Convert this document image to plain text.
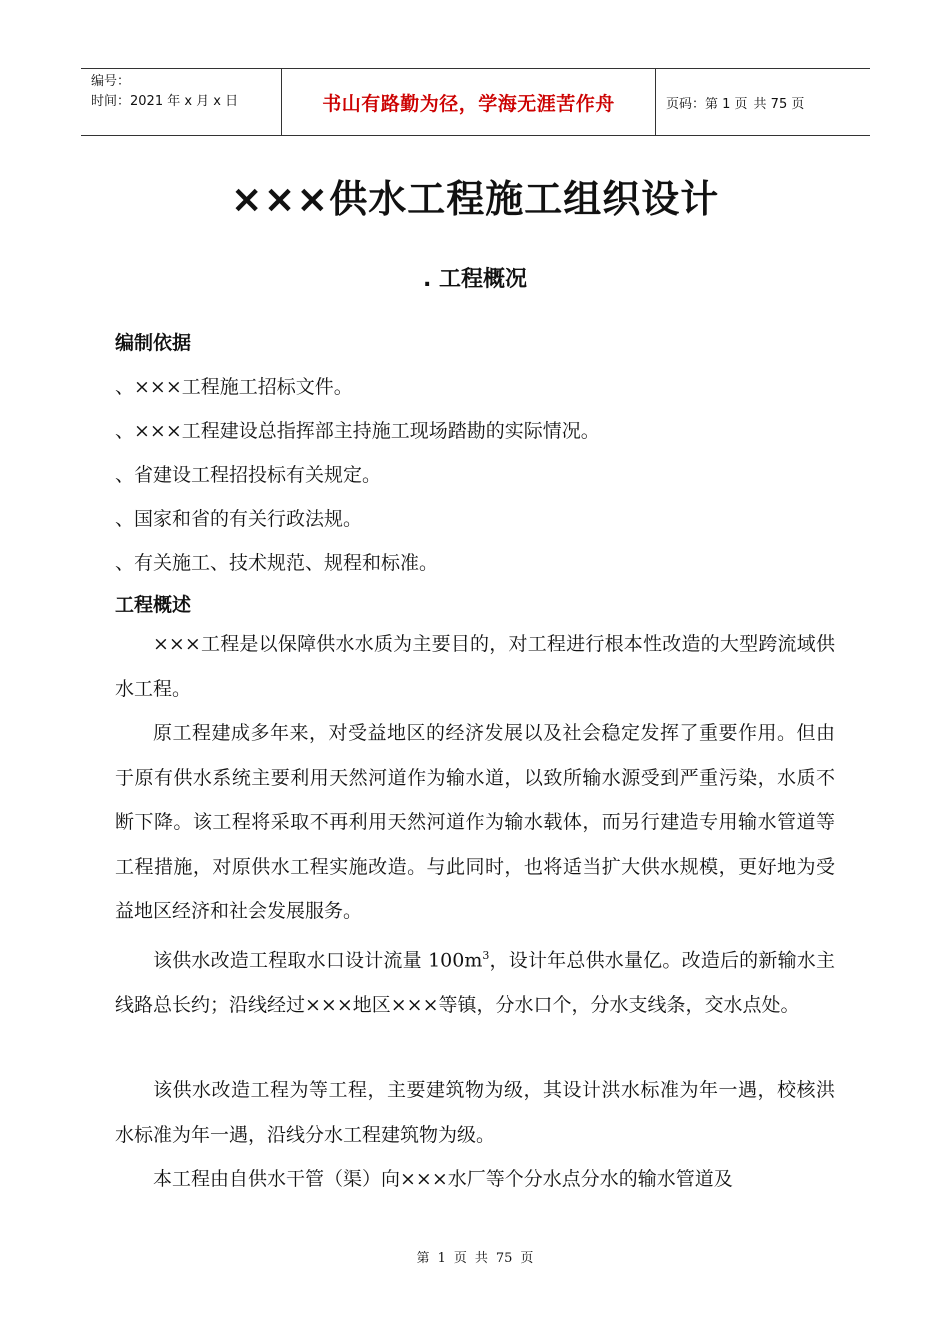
编号：
时间：2021 年 x 月 x 日	书山有路勤为径，学海无涯苦作舟	页码：第 1 页 共 75 页
×××供水工程施工组织设计
. 工程概况
编制依据
、×××工程施工招标文件。
、×××工程建设总指挥部主持施工现场踏勘的实际情况。
、省建设工程招投标有关规定。
、国家和省的有关行政法规。
、有关施工、技术规范、规程和标准。
工程概述

×××工程是以保障供水水质为主要目的，对工程进行根本性改造的大型跨流域供水工程。

原工程建成多年来，对受益地区的经济发展以及社会稳定发挥了重要作用。但由于原有供水系统主要利用天然河道作为输水道，以致所输水源受到严重污染，水质不断下降。该工程将采取不再利用天然河道作为输水载体，而另行建造专用输水管道等工程措施，对原供水工程实施改造。与此同时，也将适当扩大供水规模，更好地为受益地区经济和社会发展服务。

该供水改造工程取水口设计流量 $100m^3$，设计年总供水量亿。改造后的新输水主线路总长约；沿线经过×××地区×××等镇，分水口个，分水支线条，交水点处。

该供水改造工程为等工程，主要建筑物为级，其设计洪水标准为年一遇，校核洪水标准为年一遇，沿线分水工程建筑物为级。

本工程由自供水干管（渠）向×××水厂等个分水点分水的输水管道及

第 1 页 共 75 页
